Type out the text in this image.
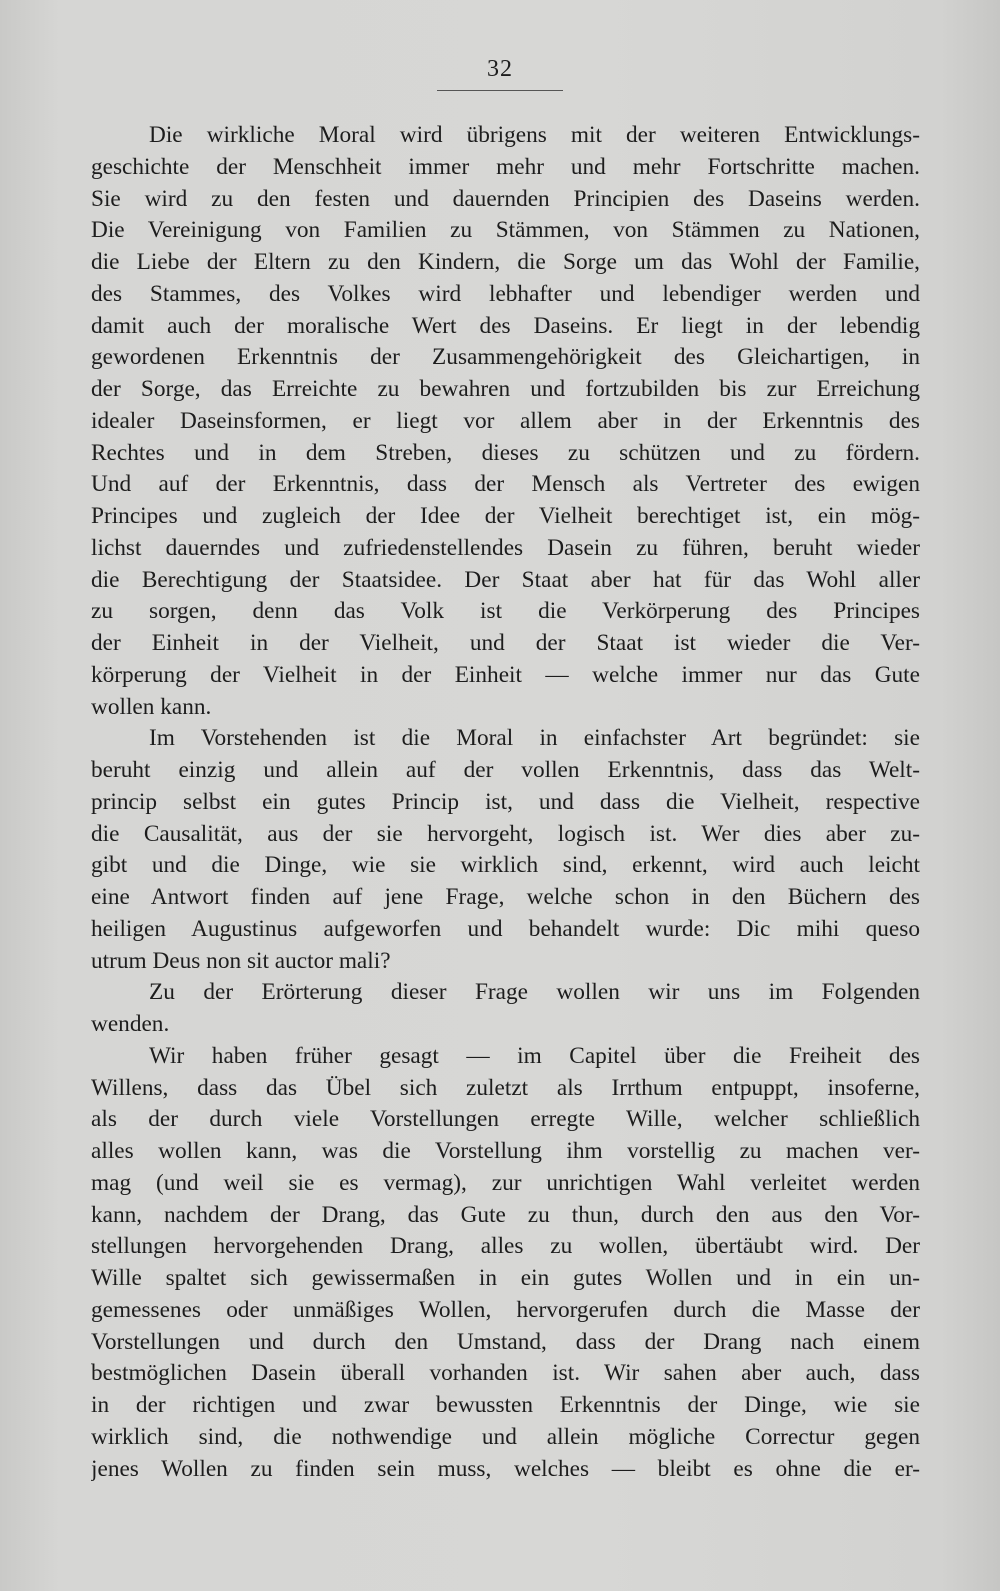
32
Die wirkliche Moral wird übrigens mit der weiteren Entwicklungs-
geschichte der Menschheit immer mehr und mehr Fortschritte machen.
Sie wird zu den festen und dauernden Principien des Daseins werden.
Die Vereinigung von Familien zu Stämmen, von Stämmen zu Nationen,
die Liebe der Eltern zu den Kindern, die Sorge um das Wohl der Familie,
des Stammes, des Volkes wird lebhafter und lebendiger werden und
damit auch der moralische Wert des Daseins. Er liegt in der lebendig
gewordenen Erkenntnis der Zusammengehörigkeit des Gleichartigen, in
der Sorge, das Erreichte zu bewahren und fortzubilden bis zur Erreichung
idealer Daseinsformen, er liegt vor allem aber in der Erkenntnis des
Rechtes und in dem Streben, dieses zu schützen und zu fördern.
Und auf der Erkenntnis, dass der Mensch als Vertreter des ewigen
Principes und zugleich der Idee der Vielheit berechtiget ist, ein mög-
lichst dauerndes und zufriedenstellendes Dasein zu führen, beruht wieder
die Berechtigung der Staatsidee. Der Staat aber hat für das Wohl aller
zu sorgen, denn das Volk ist die Verkörperung des Principes
der Einheit in der Vielheit, und der Staat ist wieder die Ver-
körperung der Vielheit in der Einheit — welche immer nur das Gute
wollen kann.
Im Vorstehenden ist die Moral in einfachster Art begründet: sie
beruht einzig und allein auf der vollen Erkenntnis, dass das Welt-
princip selbst ein gutes Princip ist, und dass die Vielheit, respective
die Causalität, aus der sie hervorgeht, logisch ist. Wer dies aber zu-
gibt und die Dinge, wie sie wirklich sind, erkennt, wird auch leicht
eine Antwort finden auf jene Frage, welche schon in den Büchern des
heiligen Augustinus aufgeworfen und behandelt wurde: Dic mihi queso
utrum Deus non sit auctor mali?
Zu der Erörterung dieser Frage wollen wir uns im Folgenden
wenden.
Wir haben früher gesagt — im Capitel über die Freiheit des
Willens, dass das Übel sich zuletzt als Irrthum entpuppt, insoferne,
als der durch viele Vorstellungen erregte Wille, welcher schließlich
alles wollen kann, was die Vorstellung ihm vorstellig zu machen ver-
mag (und weil sie es vermag), zur unrichtigen Wahl verleitet werden
kann, nachdem der Drang, das Gute zu thun, durch den aus den Vor-
stellungen hervorgehenden Drang, alles zu wollen, übertäubt wird. Der
Wille spaltet sich gewissermaßen in ein gutes Wollen und in ein un-
gemessenes oder unmäßiges Wollen, hervorgerufen durch die Masse der
Vorstellungen und durch den Umstand, dass der Drang nach einem
bestmöglichen Dasein überall vorhanden ist. Wir sahen aber auch, dass
in der richtigen und zwar bewussten Erkenntnis der Dinge, wie sie
wirklich sind, die nothwendige und allein mögliche Correctur gegen
jenes Wollen zu finden sein muss, welches — bleibt es ohne die er-
